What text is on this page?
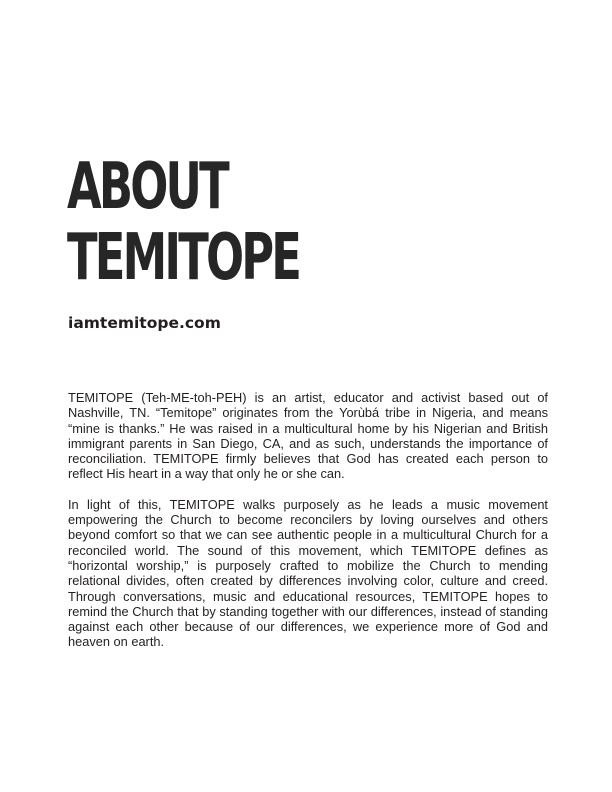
ABOUT
TEMITOPE
iamtemitope.com

TEMITOPE (Teh-ME-toh-PEH) is an artist, educator and activist based out of Nashville, TN. “Temitope” originates from the Yorùbá tribe in Nigeria, and means “mine is thanks.” He was raised in a multicultural home by his Nigerian and British immigrant parents in San Diego, CA, and as such, understands the importance of reconciliation. TEMITOPE firmly believes that God has created each person to reflect His heart in a way that only he or she can.

In light of this, TEMITOPE walks purposely as he leads a music movement empowering the Church to become reconcilers by loving ourselves and others beyond comfort so that we can see authentic people in a multicultural Church for a reconciled world. The sound of this movement, which TEMITOPE defines as “horizontal worship,” is purposely crafted to mobilize the Church to mending relational divides, often created by differences involving color, culture and creed. Through conversations, music and educational resources, TEMITOPE hopes to remind the Church that by standing together with our differences, instead of standing against each other because of our differences, we experience more of God and heaven on earth.
